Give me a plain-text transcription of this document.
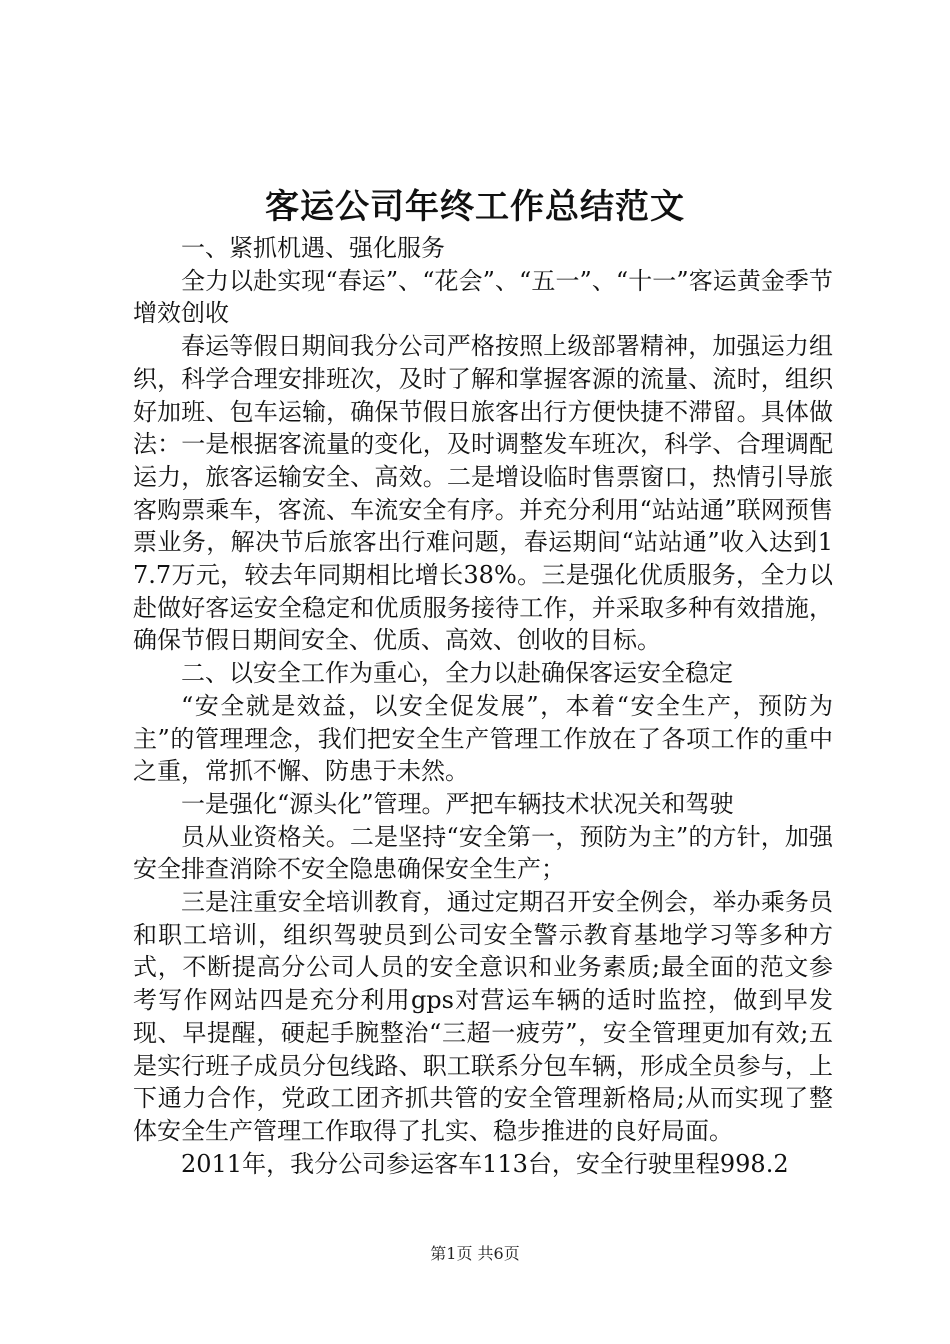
客运公司年终工作总结范文

一、紧抓机遇、强化服务

全力以赴实现“春运”、“花会”、“五一”、“十一”客运黄金季节增效创收

春运等假日期间我分公司严格按照上级部署精神，加强运力组织，科学合理安排班次，及时了解和掌握客源的流量、流时，组织好加班、包车运输，确保节假日旅客出行方便快捷不滞留。具体做法：一是根据客流量的变化，及时调整发车班次，科学、合理调配运力，旅客运输安全、高效。二是增设临时售票窗口，热情引导旅客购票乘车，客流、车流安全有序。并充分利用“站站通”联网预售票业务，解决节后旅客出行难问题，春运期间“站站通”收入达到17.7万元，较去年同期相比增长38%。三是强化优质服务，全力以赴做好客运安全稳定和优质服务接待工作，并采取多种有效措施，确保节假日期间安全、优质、高效、创收的目标。

二、以安全工作为重心，全力以赴确保客运安全稳定

“安全就是效益，以安全促发展”，本着“安全生产，预防为主”的管理理念，我们把安全生产管理工作放在了各项工作的重中之重，常抓不懈、防患于未然。

一是强化“源头化”管理。严把车辆技术状况关和驾驶

员从业资格关。二是坚持“安全第一，预防为主”的方针，加强安全排查消除不安全隐患确保安全生产；

三是注重安全培训教育，通过定期召开安全例会，举办乘务员和职工培训，组织驾驶员到公司安全警示教育基地学习等多种方式，不断提高分公司人员的安全意识和业务素质;最全面的范文参考写作网站四是充分利用gps对营运车辆的适时监控，做到早发现、早提醒，硬起手腕整治“三超一疲劳”，安全管理更加有效;五是实行班子成员分包线路、职工联系分包车辆，形成全员参与，上下通力合作，党政工团齐抓共管的安全管理新格局;从而实现了整体安全生产管理工作取得了扎实、稳步推进的良好局面。

2011年，我分公司参运客车113台，安全行驶里程998.2

第1页 共6页
